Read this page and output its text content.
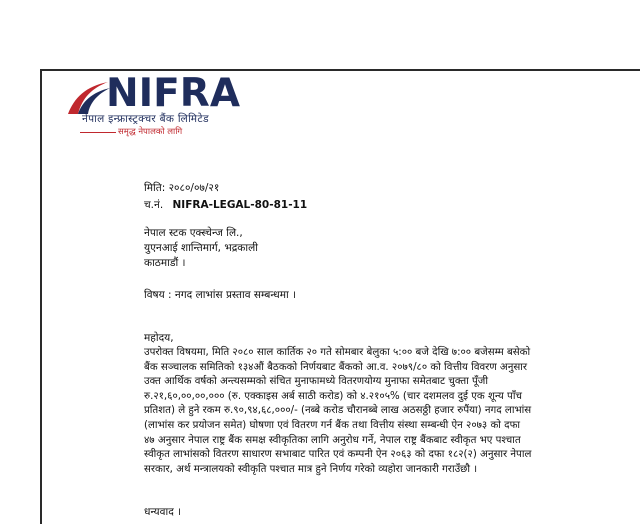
NIFRA
नेपाल इन्फ्रास्ट्रक्चर बैंक लिमिटेड
समृद्ध नेपालको लागि
मिति: २०८०/०७/२१
च.नं. NIFRA-LEGAL-80-81-11
नेपाल स्टक एक्स्चेन्ज लि.,
युएनआई शान्तिमार्ग, भद्रकाली
काठमाडौं ।
विषय : नगद लाभांस प्रस्ताव सम्बन्धमा ।
महोदय,
उपरोक्त विषयमा, मिति २०८० साल कार्तिक २० गते सोमबार बेलुका ५:०० बजे देखि ७:०० बजेसम्म बसेको
बैंक सञ्चालक समितिको १३४औं बैठकको निर्णयबाट बैंकको आ.व. २०७९/८० को वित्तीय विवरण अनुसार
उक्त आर्थिक वर्षको अन्त्यसम्मको संचित मुनाफामध्ये वितरणयोग्य मुनाफा समेतबाट चुक्ता पूँजी
रु.२१,६०,००,००,००० (रु. एक्काइस अर्ब साठी करोड) को ४.२१०५% (चार दशमलव दुई एक शून्य पाँच
प्रतिशत) ले हुने रकम रु.९०,९४,६८,०००/- (नब्बे करोड चौरानब्बे लाख अठसठ्ठी हजार रुपैंया) नगद लाभांस
(लाभांस कर प्रयोजन समेत) घोषणा एवं वितरण गर्न बैंक तथा वित्तीय संस्था सम्बन्धी ऐन २०७३ को दफा
४७ अनुसार नेपाल राष्ट्र बैंक समक्ष स्वीकृतिका लागि अनुरोध गर्ने, नेपाल राष्ट्र बैंकबाट स्वीकृत भए पश्चात
स्वीकृत लाभांसको वितरण साधारण सभाबाट पारित एवं कम्पनी ऐन २०६३ को दफा १८२(२) अनुसार नेपाल
सरकार, अर्थ मन्त्रालयको स्वीकृति पश्चात मात्र हुने निर्णय गरेको व्यहोरा जानकारी गराउँछौ ।
धन्यवाद ।
